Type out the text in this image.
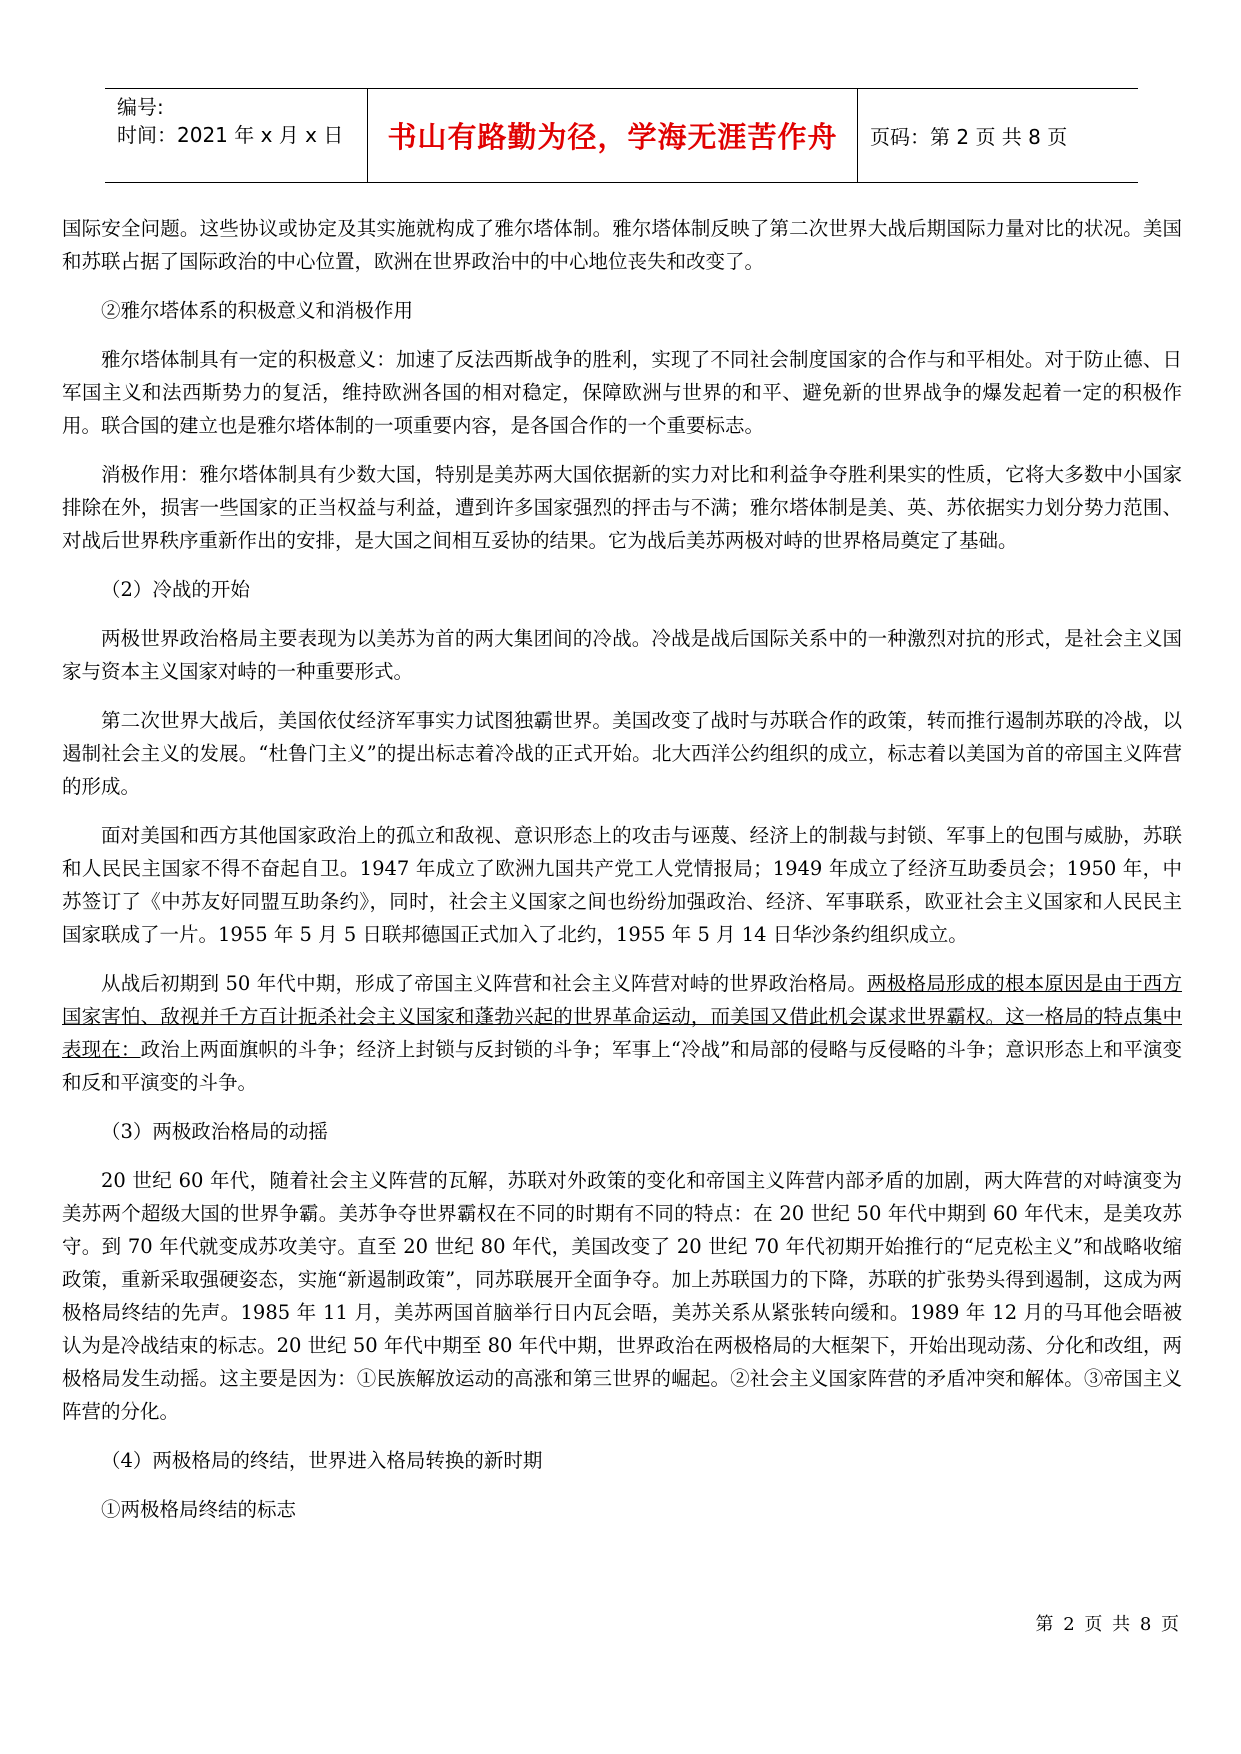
编号:
时间：2021 年 x 月 x 日	书山有路勤为径，学海无涯苦作舟 页码：第 2 页 共 8 页

国际安全问题。这些协议或协定及其实施就构成了雅尔塔体制。雅尔塔体制反映了第二次世界大战后期国际力量对比的状况。美国和苏联占据了国际政治的中心位置，欧洲在世界政治中的中心地位丧失和改变了。

②雅尔塔体系的积极意义和消极作用

雅尔塔体制具有一定的积极意义：加速了反法西斯战争的胜利，实现了不同社会制度国家的合作与和平相处。对于防止德、日军国主义和法西斯势力的复活，维持欧洲各国的相对稳定，保障欧洲与世界的和平、避免新的世界战争的爆发起着一定的积极作用。联合国的建立也是雅尔塔体制的一项重要内容，是各国合作的一个重要标志。

消极作用：雅尔塔体制具有少数大国，特别是美苏两大国依据新的实力对比和利益争夺胜利果实的性质，它将大多数中小国家排除在外，损害一些国家的正当权益与利益，遭到许多国家强烈的抨击与不满；雅尔塔体制是美、英、苏依据实力划分势力范围、对战后世界秩序重新作出的安排，是大国之间相互妥协的结果。它为战后美苏两极对峙的世界格局奠定了基础。

（2）冷战的开始

两极世界政治格局主要表现为以美苏为首的两大集团间的冷战。冷战是战后国际关系中的一种激烈对抗的形式，是社会主义国家与资本主义国家对峙的一种重要形式。

第二次世界大战后，美国依仗经济军事实力试图独霸世界。美国改变了战时与苏联合作的政策，转而推行遏制苏联的冷战，以遏制社会主义的发展。“杜鲁门主义”的提出标志着冷战的正式开始。北大西洋公约组织的成立，标志着以美国为首的帝国主义阵营的形成。

面对美国和西方其他国家政治上的孤立和敌视、意识形态上的攻击与诬蔑、经济上的制裁与封锁、军事上的包围与威胁，苏联和人民民主国家不得不奋起自卫。1947 年成立了欧洲九国共产党工人党情报局；1949 年成立了经济互助委员会；1950 年，中苏签订了《中苏友好同盟互助条约》，同时，社会主义国家之间也纷纷加强政治、经济、军事联系，欧亚社会主义国家和人民民主国家联成了一片。1955 年 5 月 5 日联邦德国正式加入了北约，1955 年 5 月 14 日华沙条约组织成立。

从战后初期到 50 年代中期，形成了帝国主义阵营和社会主义阵营对峙的世界政治格局。两极格局形成的根本原因是由于西方国家害怕、敌视并千方百计扼杀社会主义国家和蓬勃兴起的世界革命运动，而美国又借此机会谋求世界霸权。这一格局的特点集中表现在：政治上两面旗帜的斗争；经济上封锁与反封锁的斗争；军事上“冷战”和局部的侵略与反侵略的斗争；意识形态上和平演变和反和平演变的斗争。

（3）两极政治格局的动摇

20 世纪 60 年代，随着社会主义阵营的瓦解，苏联对外政策的变化和帝国主义阵营内部矛盾的加剧，两大阵营的对峙演变为美苏两个超级大国的世界争霸。美苏争夺世界霸权在不同的时期有不同的特点：在 20 世纪 50 年代中期到 60 年代末，是美攻苏守。到 70 年代就变成苏攻美守。直至 20 世纪 80 年代，美国改变了 20 世纪 70 年代初期开始推行的“尼克松主义”和战略收缩政策，重新采取强硬姿态，实施“新遏制政策”，同苏联展开全面争夺。加上苏联国力的下降，苏联的扩张势头得到遏制，这成为两极格局终结的先声。1985 年 11 月，美苏两国首脑举行日内瓦会晤，美苏关系从紧张转向缓和。1989 年 12 月的马耳他会晤被认为是冷战结束的标志。20 世纪 50 年代中期至 80 年代中期，世界政治在两极格局的大框架下，开始出现动荡、分化和改组，两极格局发生动摇。这主要是因为：①民族解放运动的高涨和第三世界的崛起。②社会主义国家阵营的矛盾冲突和解体。③帝国主义阵营的分化。

（4）两极格局的终结，世界进入格局转换的新时期

①两极格局终结的标志

第 2 页 共 8 页
